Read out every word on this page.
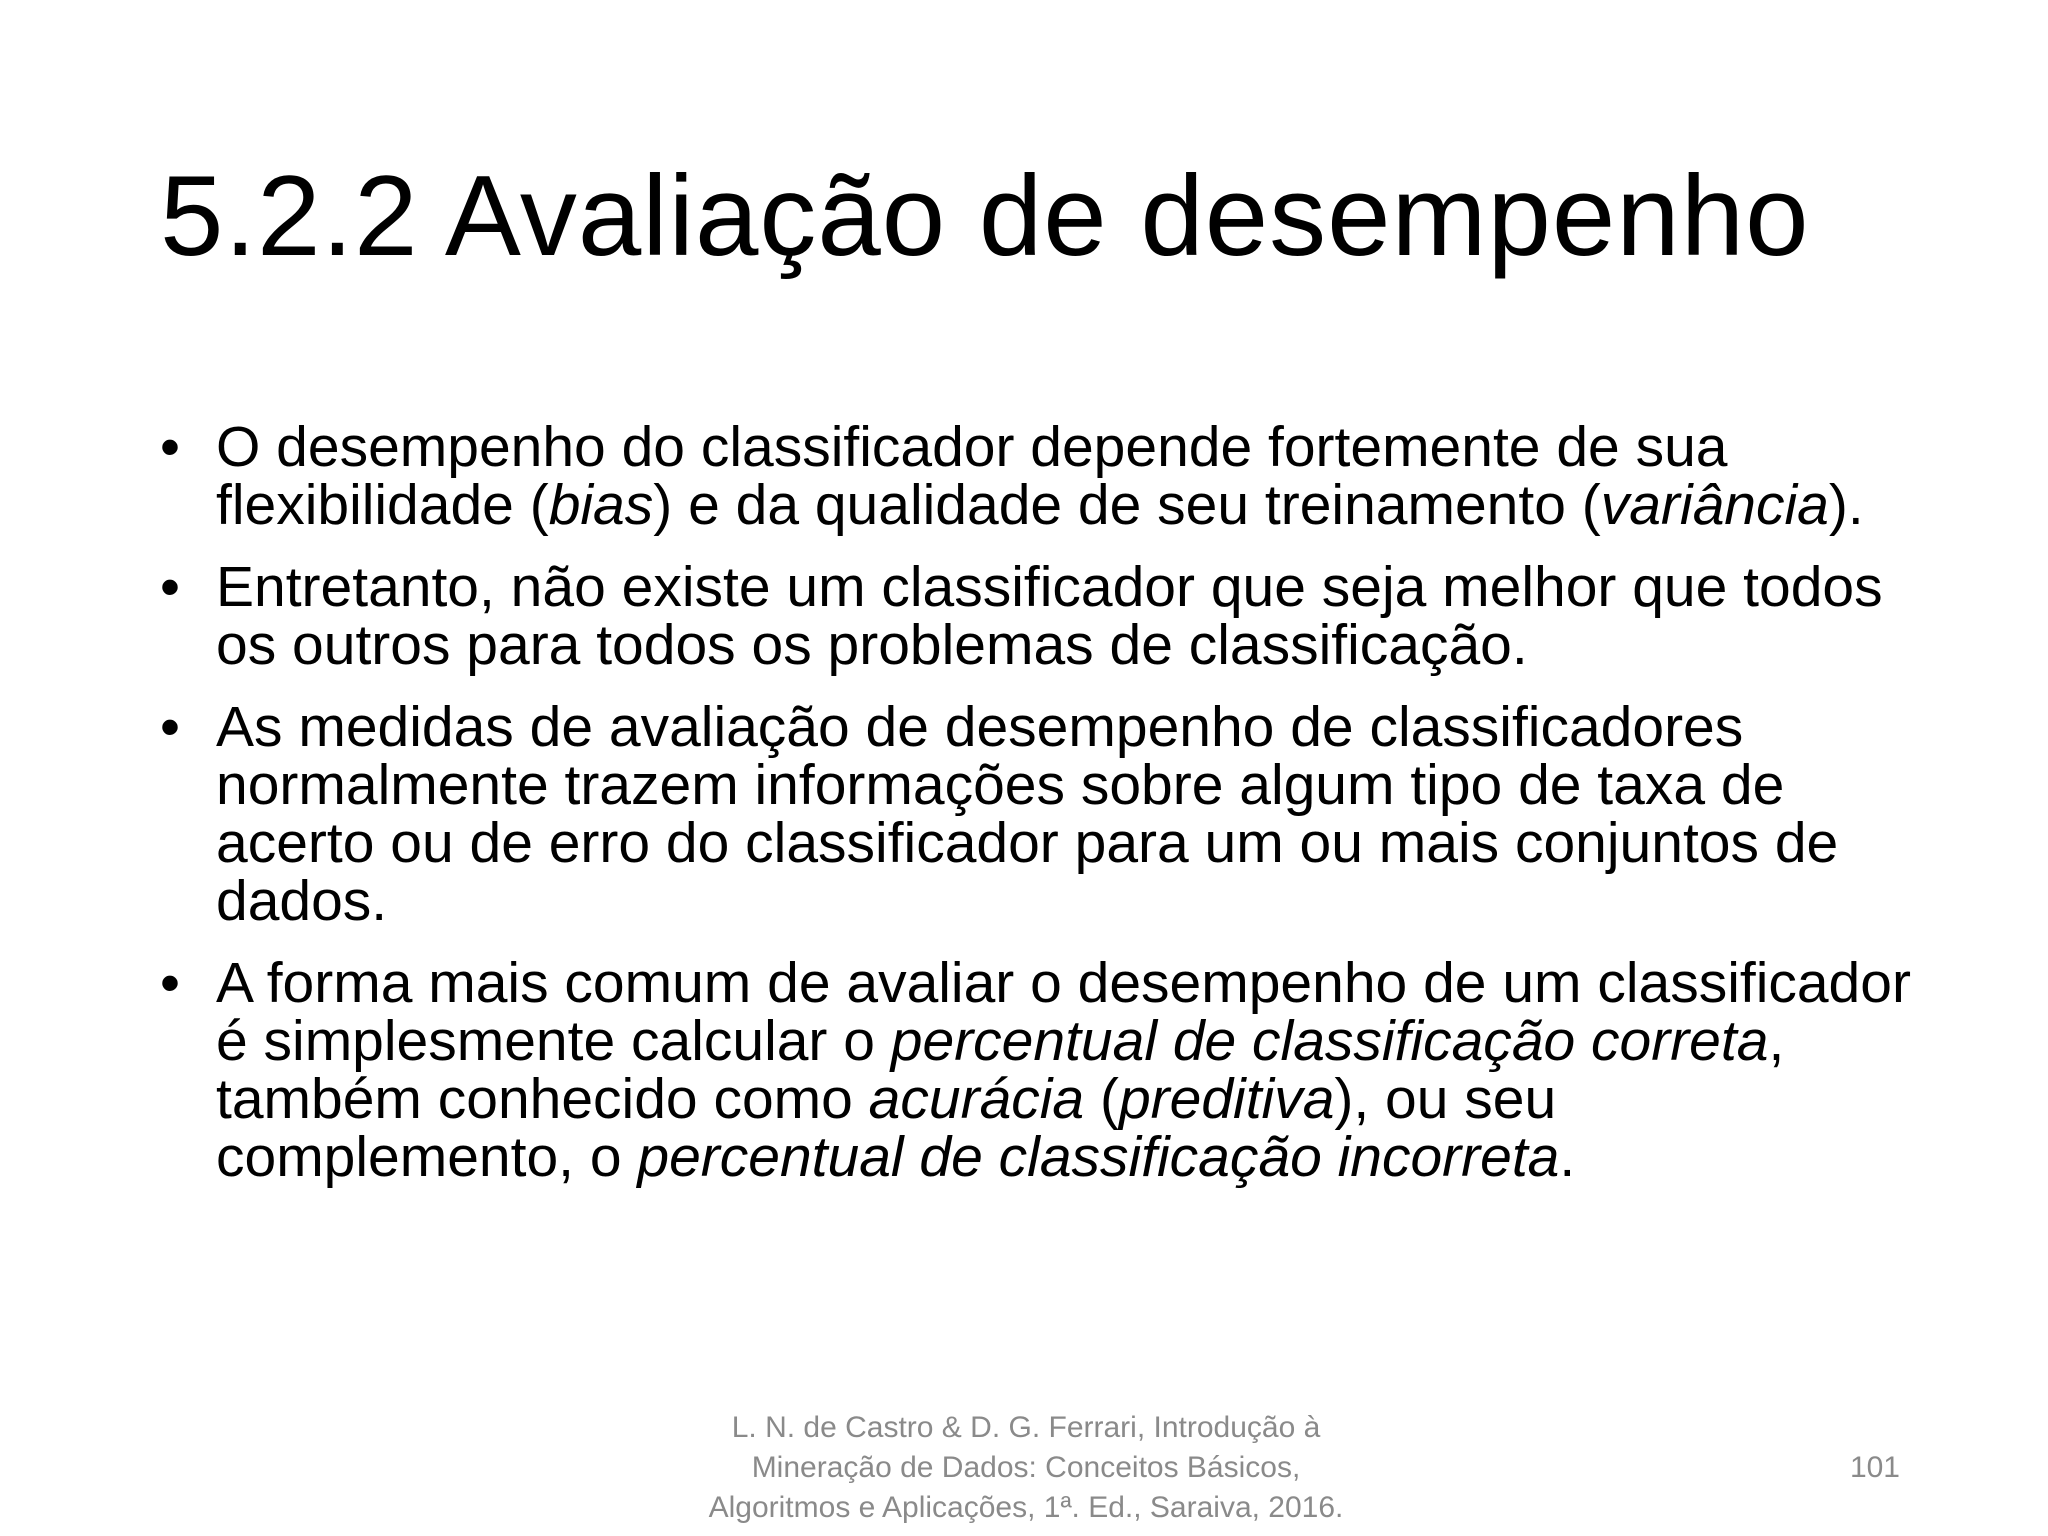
5.2.2 Avaliação de desempenho
• O desempenho do classificador depende fortemente de sua flexibilidade (bias) e da qualidade de seu treinamento (variância).
• Entretanto, não existe um classificador que seja melhor que todos os outros para todos os problemas de classificação.
• As medidas de avaliação de desempenho de classificadores normalmente trazem informações sobre algum tipo de taxa de acerto ou de erro do classificador para um ou mais conjuntos de dados.
• A forma mais comum de avaliar o desempenho de um classificador é simplesmente calcular o percentual de classificação correta, também conhecido como acurácia (preditiva), ou seu complemento, o percentual de classificação incorreta.
L. N. de Castro & D. G. Ferrari, Introdução à
Mineração de Dados: Conceitos Básicos,
Algoritmos e Aplicações, 1ª. Ed., Saraiva, 2016.
101
